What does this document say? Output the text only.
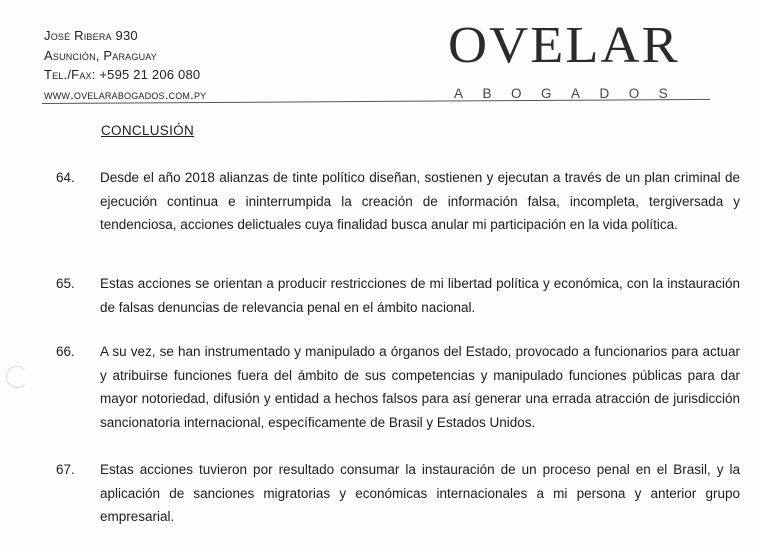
José Ribera 930
Asunción, Paraguay
Tel./Fax: +595 21 206 080
www.ovelarabogados.com.py
OVELAR
ABOGADOS
CONCLUSIÓN
64.	Desde el año 2018 alianzas de tinte político diseñan, sostienen y ejecutan a través de un plan criminal de ejecución continua e ininterrumpida la creación de información falsa, incompleta, tergiversada y tendenciosa, acciones delictuales cuya finalidad busca anular mi participación en la vida política.
65.	Estas acciones se orientan a producir restricciones de mi libertad política y económica, con la instauración de falsas denuncias de relevancia penal en el ámbito nacional.
66.	A su vez, se han instrumentado y manipulado a órganos del Estado, provocado a funcionarios para actuar y atribuirse funciones fuera del ámbito de sus competencias y manipulado funciones públicas para dar mayor notoriedad, difusión y entidad a hechos falsos para así generar una errada atracción de jurisdicción sancionatoria internacional, específicamente de Brasil y Estados Unidos.
67.	Estas acciones tuvieron por resultado consumar la instauración de un proceso penal en el Brasil, y la aplicación de sanciones migratorias y económicas internacionales a mi persona y anterior grupo empresarial.
